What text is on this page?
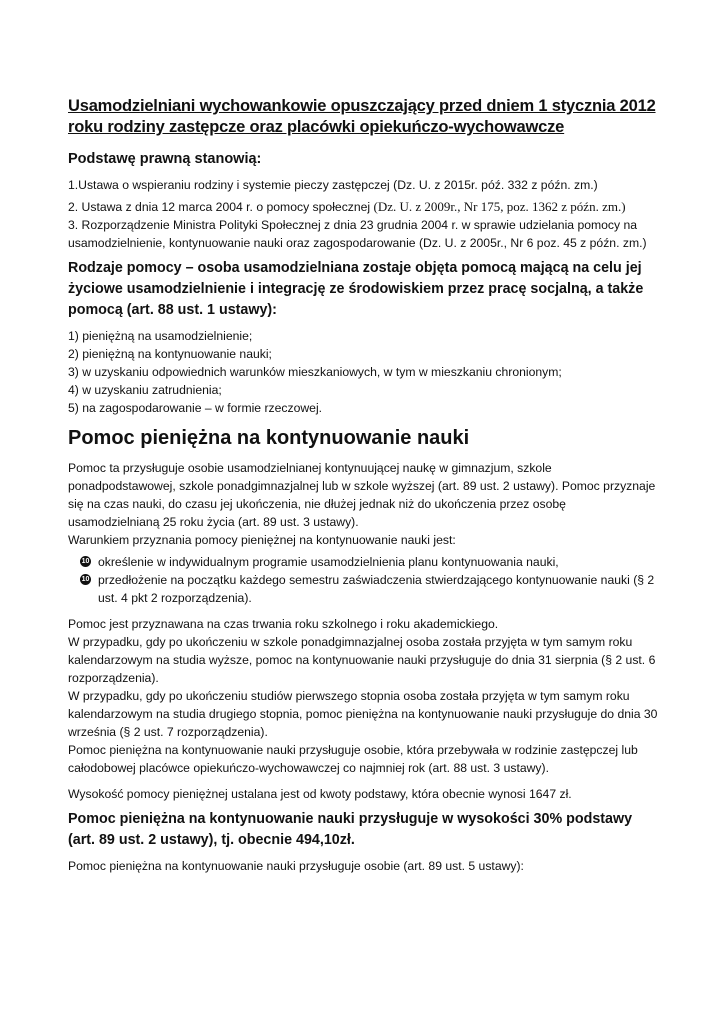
Usamodzielniani wychowankowie opuszczający przed dniem 1 stycznia 2012 roku rodziny zastępcze oraz placówki opiekuńczo-wychowawcze
Podstawę prawną stanowią:

1.Ustawa o wspieraniu rodziny i systemie pieczy zastępczej (Dz. U. z 2015r. póź. 332 z późn. zm.)

2. Ustawa z dnia 12 marca 2004 r. o pomocy społecznej (Dz. U. z 2009r., Nr 175, poz. 1362 z późn. zm.)

3. Rozporządzenie Ministra Polityki Społecznej z dnia 23 grudnia 2004 r. w sprawie udzielania pomocy na usamodzielnienie, kontynuowanie nauki oraz zagospodarowanie (Dz. U. z 2005r., Nr 6 poz. 45 z późn. zm.)

Rodzaje pomocy – osoba usamodzielniana zostaje objęta pomocą mającą na celu jej życiowe usamodzielnienie i integrację ze środowiskiem przez pracę socjalną, a także pomocą (art. 88 ust. 1 ustawy):
1) pieniężną na usamodzielnienie;
2) pieniężną na kontynuowanie nauki;
3) w uzyskaniu odpowiednich warunków mieszkaniowych, w tym w mieszkaniu chronionym;
4) w uzyskaniu zatrudnienia;
5) na zagospodarowanie – w formie rzeczowej.
Pomoc pieniężna na kontynuowanie nauki

Pomoc ta przysługuje osobie usamodzielnianej kontynuującej naukę w gimnazjum, szkole ponadpodstawowej, szkole ponadgimnazjalnej lub w szkole wyższej (art. 89 ust. 2 ustawy). Pomoc przyznaje się na czas nauki, do czasu jej ukończenia, nie dłużej jednak niż do ukończenia przez osobę usamodzielnianą 25 roku życia (art. 89 ust. 3 ustawy).

Warunkiem przyznania pomocy pieniężnej na kontynuowanie nauki jest:

10 określenie w indywidualnym programie usamodzielnienia planu kontynuowania nauki,
10 przedłożenie na początku każdego semestru zaświadczenia stwierdzającego kontynuowanie nauki (§ 2 ust. 4 pkt 2 rozporządzenia).

Pomoc jest przyznawana na czas trwania roku szkolnego i roku akademickiego.

W przypadku, gdy po ukończeniu w szkole ponadgimnazjalnej osoba została przyjęta w tym samym roku kalendarzowym na studia wyższe, pomoc na kontynuowanie nauki przysługuje do dnia 31 sierpnia (§ 2 ust. 6 rozporządzenia).

W przypadku, gdy po ukończeniu studiów pierwszego stopnia osoba została przyjęta w tym samym roku kalendarzowym na studia drugiego stopnia, pomoc pieniężna na kontynuowanie nauki przysługuje do dnia 30 września (§ 2 ust. 7 rozporządzenia).

Pomoc pieniężna na kontynuowanie nauki przysługuje osobie, która przebywała w rodzinie zastępczej lub całodobowej placówce opiekuńczo-wychowawczej co najmniej rok (art. 88 ust. 3 ustawy).

Wysokość pomocy pieniężnej ustalana jest od kwoty podstawy, która obecnie wynosi 1647 zł.

Pomoc pieniężna na kontynuowanie nauki przysługuje w wysokości 30% podstawy (art. 89 ust. 2 ustawy), tj. obecnie 494,10zł.

Pomoc pieniężna na kontynuowanie nauki przysługuje osobie (art. 89 ust. 5 ustawy):
